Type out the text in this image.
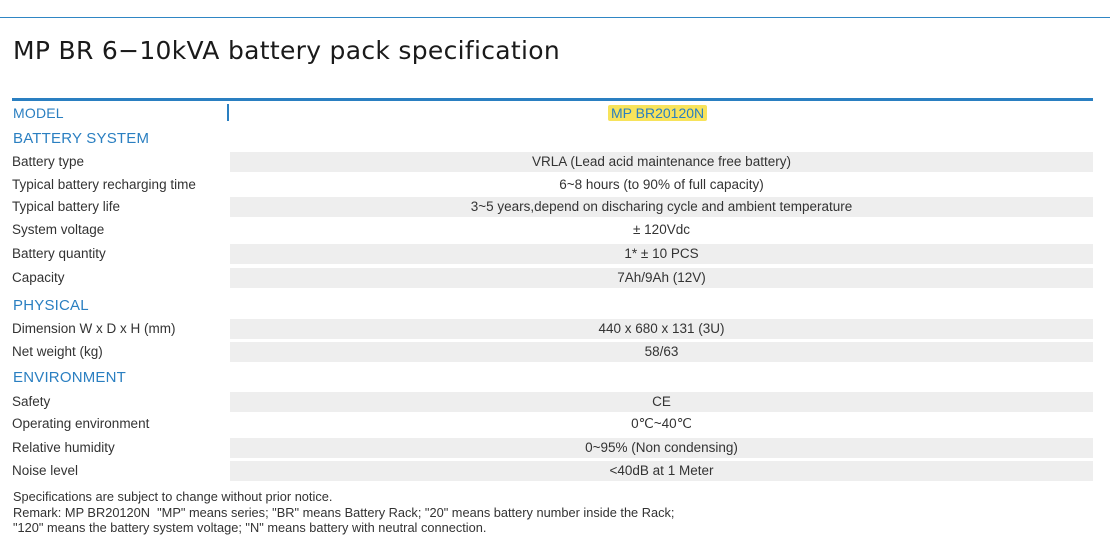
MP BR 6−10kVA battery pack specification
MODEL	MP BR20120N
BATTERY SYSTEM
Battery type	VRLA (Lead acid maintenance free battery)
Typical battery recharging time	6~8 hours (to 90% of full capacity)
Typical battery life	3~5 years,depend on discharing cycle and ambient temperature
System voltage	± 120Vdc
Battery quantity	1* ± 10 PCS
Capacity	7Ah/9Ah (12V)
PHYSICAL
Dimension W x D x H (mm)	440 x 680 x 131 (3U)
Net weight (kg)	58/63
ENVIRONMENT
Safety	CE
Operating environment	0℃~40℃
Relative humidity	0~95% (Non condensing)
Noise level	<40dB at 1 Meter
Specifications are subject to change without prior notice.
Remark: MP BR20120N  "MP" means series; "BR" means Battery Rack; "20" means battery number inside the Rack;
"120" means the battery system voltage; "N" means battery with neutral connection.
